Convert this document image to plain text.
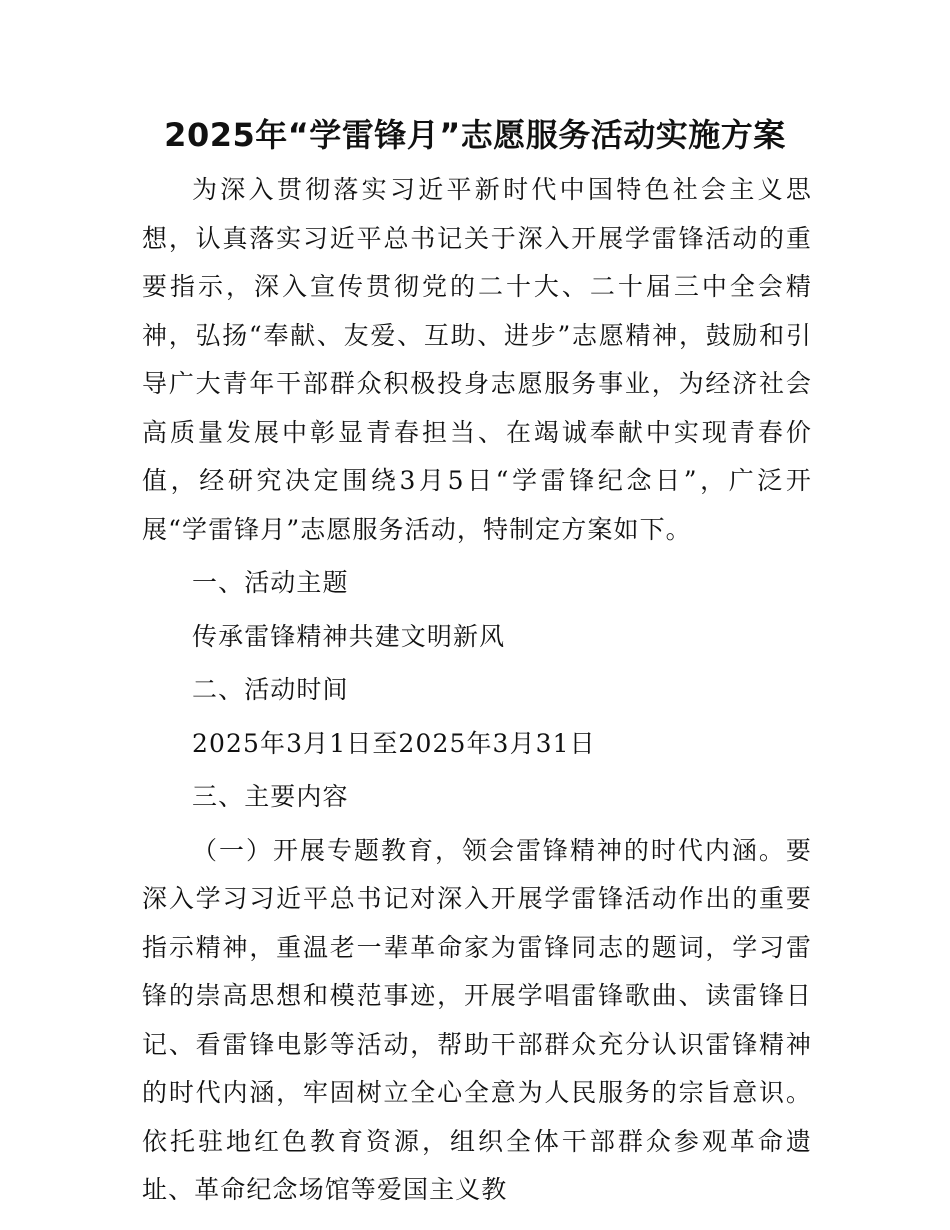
2025年“学雷锋月”志愿服务活动实施方案

为深入贯彻落实习近平新时代中国特色社会主义思想，认真落实习近平总书记关于深入开展学雷锋活动的重要指示，深入宣传贯彻党的二十大、二十届三中全会精神，弘扬“奉献、友爱、互助、进步”志愿精神，鼓励和引导广大青年干部群众积极投身志愿服务事业，为经济社会高质量发展中彰显青春担当、在竭诚奉献中实现青春价值，经研究决定围绕3月5日“学雷锋纪念日”，广泛开展“学雷锋月”志愿服务活动，特制定方案如下。

一、活动主题

传承雷锋精神共建文明新风

二、活动时间

2025年3月1日至2025年3月31日

三、主要内容

（一）开展专题教育，领会雷锋精神的时代内涵。要深入学习习近平总书记对深入开展学雷锋活动作出的重要指示精神，重温老一辈革命家为雷锋同志的题词，学习雷锋的崇高思想和模范事迹，开展学唱雷锋歌曲、读雷锋日记、看雷锋电影等活动，帮助干部群众充分认识雷锋精神的时代内涵，牢固树立全心全意为人民服务的宗旨意识。依托驻地红色教育资源，组织全体干部群众参观革命遗址、革命纪念场馆等爱国主义教
